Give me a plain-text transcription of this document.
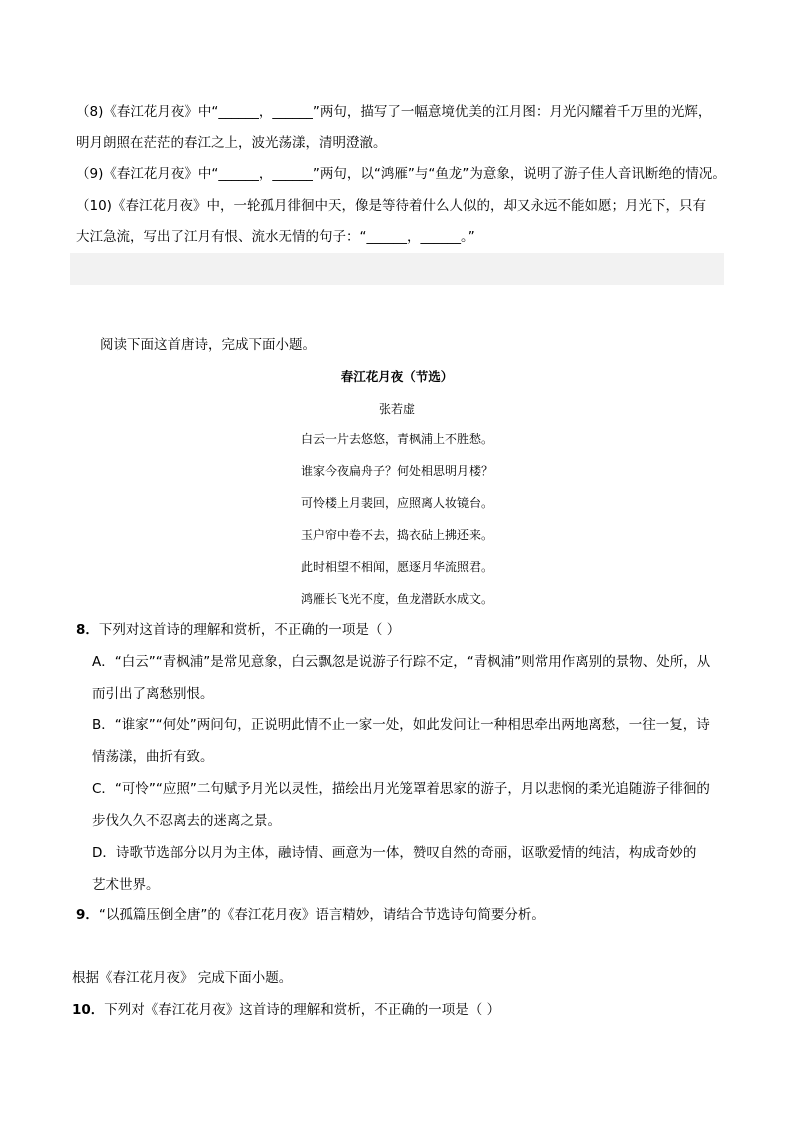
（8)《春江花月夜》中“______，______”两句，描写了一幅意境优美的江月图：月光闪耀着千万里的光辉，
明月朗照在茫茫的春江之上，波光荡漾，清明澄澈。
（9)《春江花月夜》中“______，______”两句，以“鸿雁”与“鱼龙”为意象，说明了游子佳人音讯断绝的情况。
（10)《春江花月夜》中，一轮孤月徘徊中天，像是等待着什么人似的，却又永远不能如愿；月光下，只有
大江急流，写出了江月有恨、流水无情的句子：“______，______。”
阅读下面这首唐诗，完成下面小题。
春江花月夜（节选）
张若虚
白云一片去悠悠，青枫浦上不胜愁。
谁家今夜扁舟子？何处相思明月楼？
可怜楼上月裴回，应照离人妆镜台。
玉户帘中卷不去，捣衣砧上拂还来。
此时相望不相闻，愿逐月华流照君。
鸿雁长飞光不度，鱼龙潜跃水成文。
8．下列对这首诗的理解和赏析，不正确的一项是（ ）
A．“白云”“青枫浦”是常见意象，白云飘忽是说游子行踪不定，“青枫浦”则常用作离别的景物、处所，从
而引出了离愁别恨。
B．“谁家”“何处”两问句，正说明此情不止一家一处，如此发问让一种相思牵出两地离愁，一往一复，诗
情荡漾，曲折有致。
C．“可怜”“应照”二句赋予月光以灵性，描绘出月光笼罩着思家的游子，月以悲悯的柔光追随游子徘徊的
步伐久久不忍离去的迷离之景。
D．诗歌节选部分以月为主体，融诗情、画意为一体，赞叹自然的奇丽，讴歌爱情的纯洁，构成奇妙的
艺术世界。
9．“以孤篇压倒全唐”的《春江花月夜》语言精妙，请结合节选诗句简要分析。
根据《春江花月夜》 完成下面小题。
10．下列对《春江花月夜》这首诗的理解和赏析，不正确的一项是（ ）
